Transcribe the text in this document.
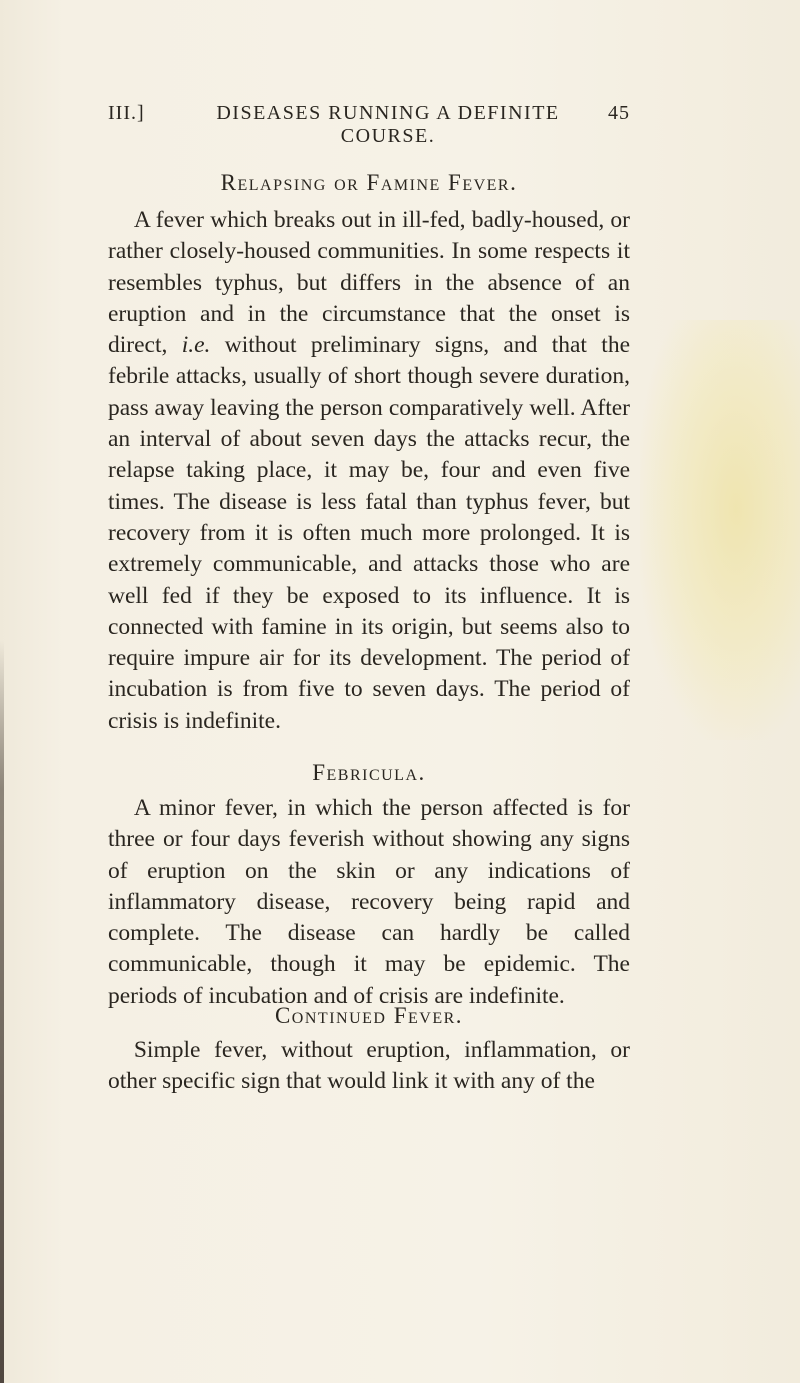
III.]	DISEASES RUNNING A DEFINITE COURSE.
45
Relapsing or Famine Fever.

A fever which breaks out in ill-fed, badly-housed, or rather closely-housed communities. In some respects it resembles typhus, but differs in the absence of an eruption and in the circumstance that the onset is direct, i.e. without preliminary signs, and that the febrile attacks, usually of short though severe duration, pass away leaving the person comparatively well. After an interval of about seven days the attacks recur, the relapse taking place, it may be, four and even five times. The disease is less fatal than typhus fever, but recovery from it is often much more prolonged. It is extremely communicable, and attacks those who are well fed if they be exposed to its influence. It is connected with famine in its origin, but seems also to require impure air for its development. The period of incubation is from five to seven days. The period of crisis is indefinite.

Febricula.

A minor fever, in which the person affected is for three or four days feverish without showing any signs of eruption on the skin or any indications of inflammatory disease, recovery being rapid and complete. The disease can hardly be called communicable, though it may be epidemic. The periods of incubation and of crisis are indefinite.

Continued Fever.

Simple fever, without eruption, inflammation, or other specific sign that would link it with any of the
